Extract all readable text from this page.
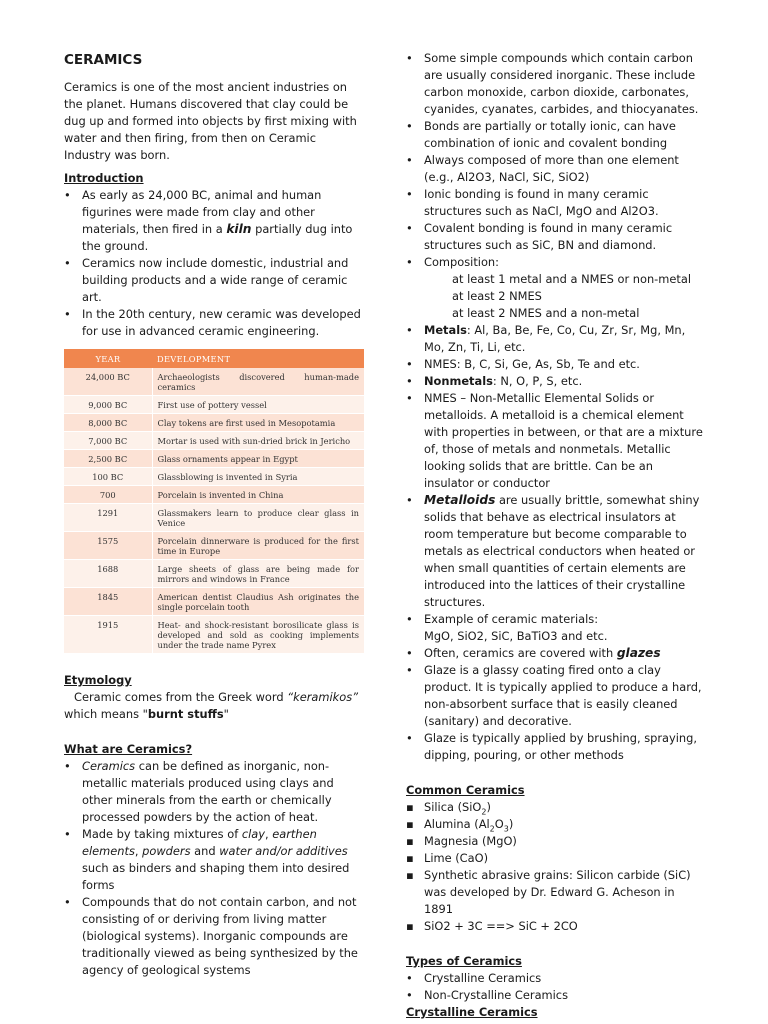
CERAMICS

Ceramics is one of the most ancient industries on the planet. Humans discovered that clay could be dug up and formed into objects by first mixing with water and then firing, from then on Ceramic Industry was born.

Introduction
• As early as 24,000 BC, animal and human figurines were made from clay and other materials, then fired in a kiln partially dug into the ground.
• Ceramics now include domestic, industrial and building products and a wide range of ceramic art.
• In the 20th century, new ceramic was developed for use in advanced ceramic engineering.
YEAR	DEVELOPMENT
24,000 BC	Archaeologists discovered human-made ceramics
9,000 BC	First use of pottery vessel
8,000 BC	Clay tokens are first used in Mesopotamia
7,000 BC	Mortar is used with sun-dried brick in Jericho
2,500 BC	Glass ornaments appear in Egypt
100 BC	Glassblowing is invented in Syria
700	Porcelain is invented in China
1291	Glassmakers learn to produce clear glass in Venice
1575	Porcelain dinnerware is produced for the first time in Europe
1688	Large sheets of glass are being made for mirrors and windows in France
1845	American dentist Claudius Ash originates the single porcelain tooth
1915	Heat- and shock-resistant borosilicate glass is developed and sold as cooking implements under the trade name Pyrex
Etymology

Ceramic comes from the Greek word “keramikos” which means "burnt stuffs"

What are Ceramics?
• Ceramics can be defined as inorganic, non-metallic materials produced using clays and other minerals from the earth or chemically processed powders by the action of heat.
• Made by taking mixtures of clay, earthen elements, powders and water and/or additives such as binders and shaping them into desired forms
• Compounds that do not contain carbon, and not consisting of or deriving from living matter (biological systems). Inorganic compounds are traditionally viewed as being synthesized by the agency of geological systems
• Some simple compounds which contain carbon are usually considered inorganic. These include carbon monoxide, carbon dioxide, carbonates, cyanides, cyanates, carbides, and thiocyanates.
• Bonds are partially or totally ionic, can have combination of ionic and covalent bonding
• Always composed of more than one element (e.g., Al2O3, NaCl, SiC, SiO2)
• Ionic bonding is found in many ceramic structures such as NaCl, MgO and Al2O3.
• Covalent bonding is found in many ceramic structures such as SiC, BN and diamond.
• Composition:
at least 1 metal and a NMES or non-metal
at least 2 NMES
at least 2 NMES and a non-metal
• Metals: Al, Ba, Be, Fe, Co, Cu, Zr, Sr, Mg, Mn, Mo, Zn, Ti, Li, etc.
• NMES: B, C, Si, Ge, As, Sb, Te and etc.
• Nonmetals: N, O, P, S, etc.
• NMES – Non-Metallic Elemental Solids or metalloids. A metalloid is a chemical element with properties in between, or that are a mixture of, those of metals and nonmetals. Metallic looking solids that are brittle. Can be an insulator or conductor
• Metalloids are usually brittle, somewhat shiny solids that behave as electrical insulators at room temperature but become comparable to metals as electrical conductors when heated or when small quantities of certain elements are introduced into the lattices of their crystalline structures.
• Example of ceramic materials:
MgO, SiO2, SiC, BaTiO3 and etc.
• Often, ceramics are covered with glazes
• Glaze is a glassy coating fired onto a clay product. It is typically applied to produce a hard, non-absorbent surface that is easily cleaned (sanitary) and decorative.
• Glaze is typically applied by brushing, spraying, dipping, pouring, or other methods
Common Ceramics
▪ Silica (SiO$_2$)
▪ Alumina $(Al_2O_3)$
▪ Magnesia (MgO)
▪ Lime (CaO)
▪ Synthetic abrasive grains: Silicon carbide (SiC) was developed by Dr. Edward G. Acheson in 1891
▪ SiO2 + 3C ==> SiC + 2CO
Types of Ceramics
• Crystalline Ceramics
• Non-Crystalline Ceramics
Crystalline Ceramics
